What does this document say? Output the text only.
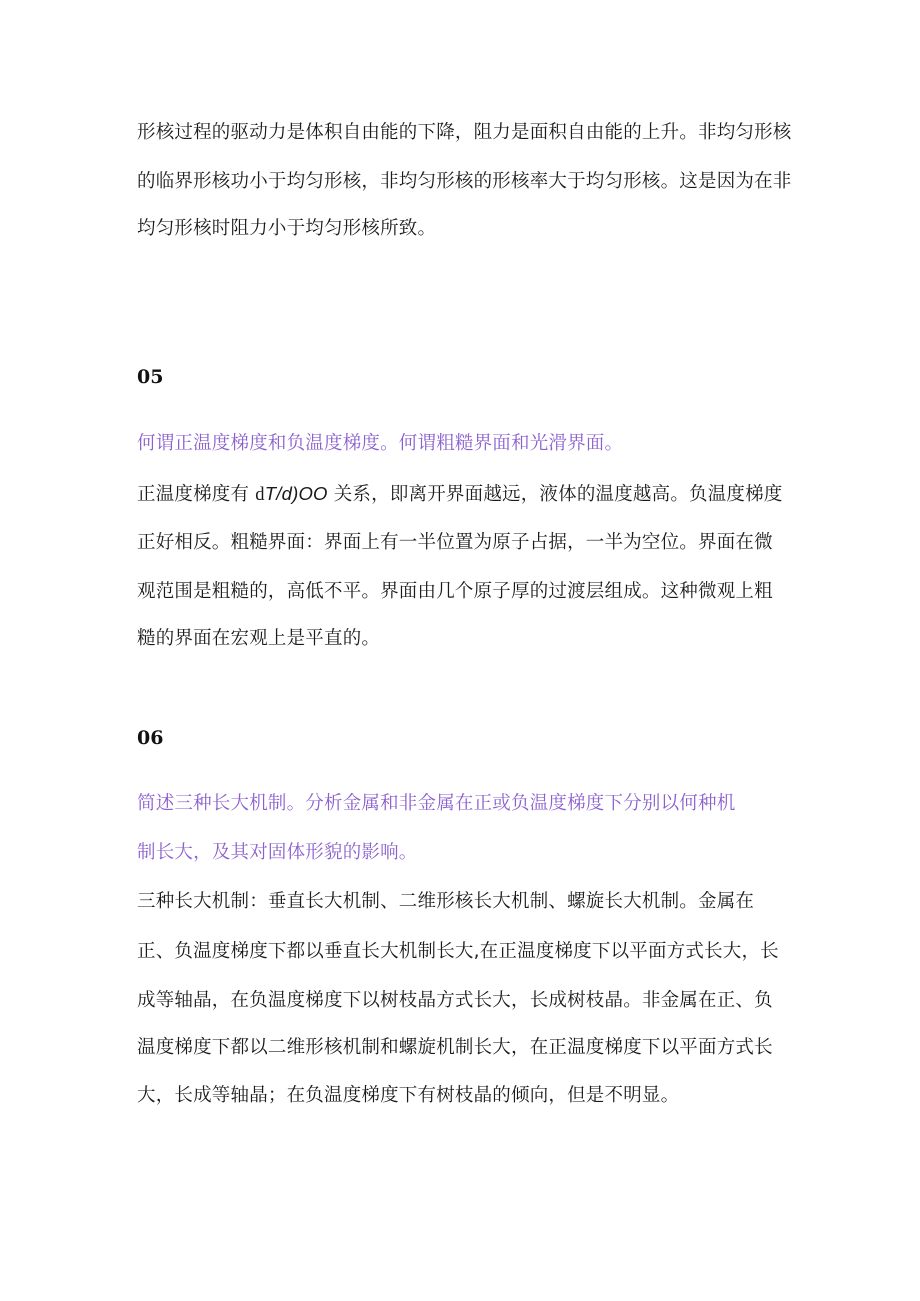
形核过程的驱动力是体积自由能的下降，阻力是面积自由能的上升。非均匀形核
的临界形核功小于均匀形核，非均匀形核的形核率大于均匀形核。这是因为在非
均匀形核时阻力小于均匀形核所致。
05
何谓正温度梯度和负温度梯度。何谓粗糙界面和光滑界面。
正温度梯度有 dT/d)OO 关系，即离开界面越远，液体的温度越高。负温度梯度
正好相反。粗糙界面：界面上有一半位置为原子占据，一半为空位。界面在微
观范围是粗糙的，高低不平。界面由几个原子厚的过渡层组成。这种微观上粗
糙的界面在宏观上是平直的。
06
简述三种长大机制。分析金属和非金属在正或负温度梯度下分别以何种机
制长大，及其对固体形貌的影响。
三种长大机制：垂直长大机制、二维形核长大机制、螺旋长大机制。金属在
正、负温度梯度下都以垂直长大机制长大,在正温度梯度下以平面方式长大，长
成等轴晶，在负温度梯度下以树枝晶方式长大，长成树枝晶。非金属在正、负
温度梯度下都以二维形核机制和螺旋机制长大，在正温度梯度下以平面方式长
大，长成等轴晶；在负温度梯度下有树枝晶的倾向，但是不明显。
